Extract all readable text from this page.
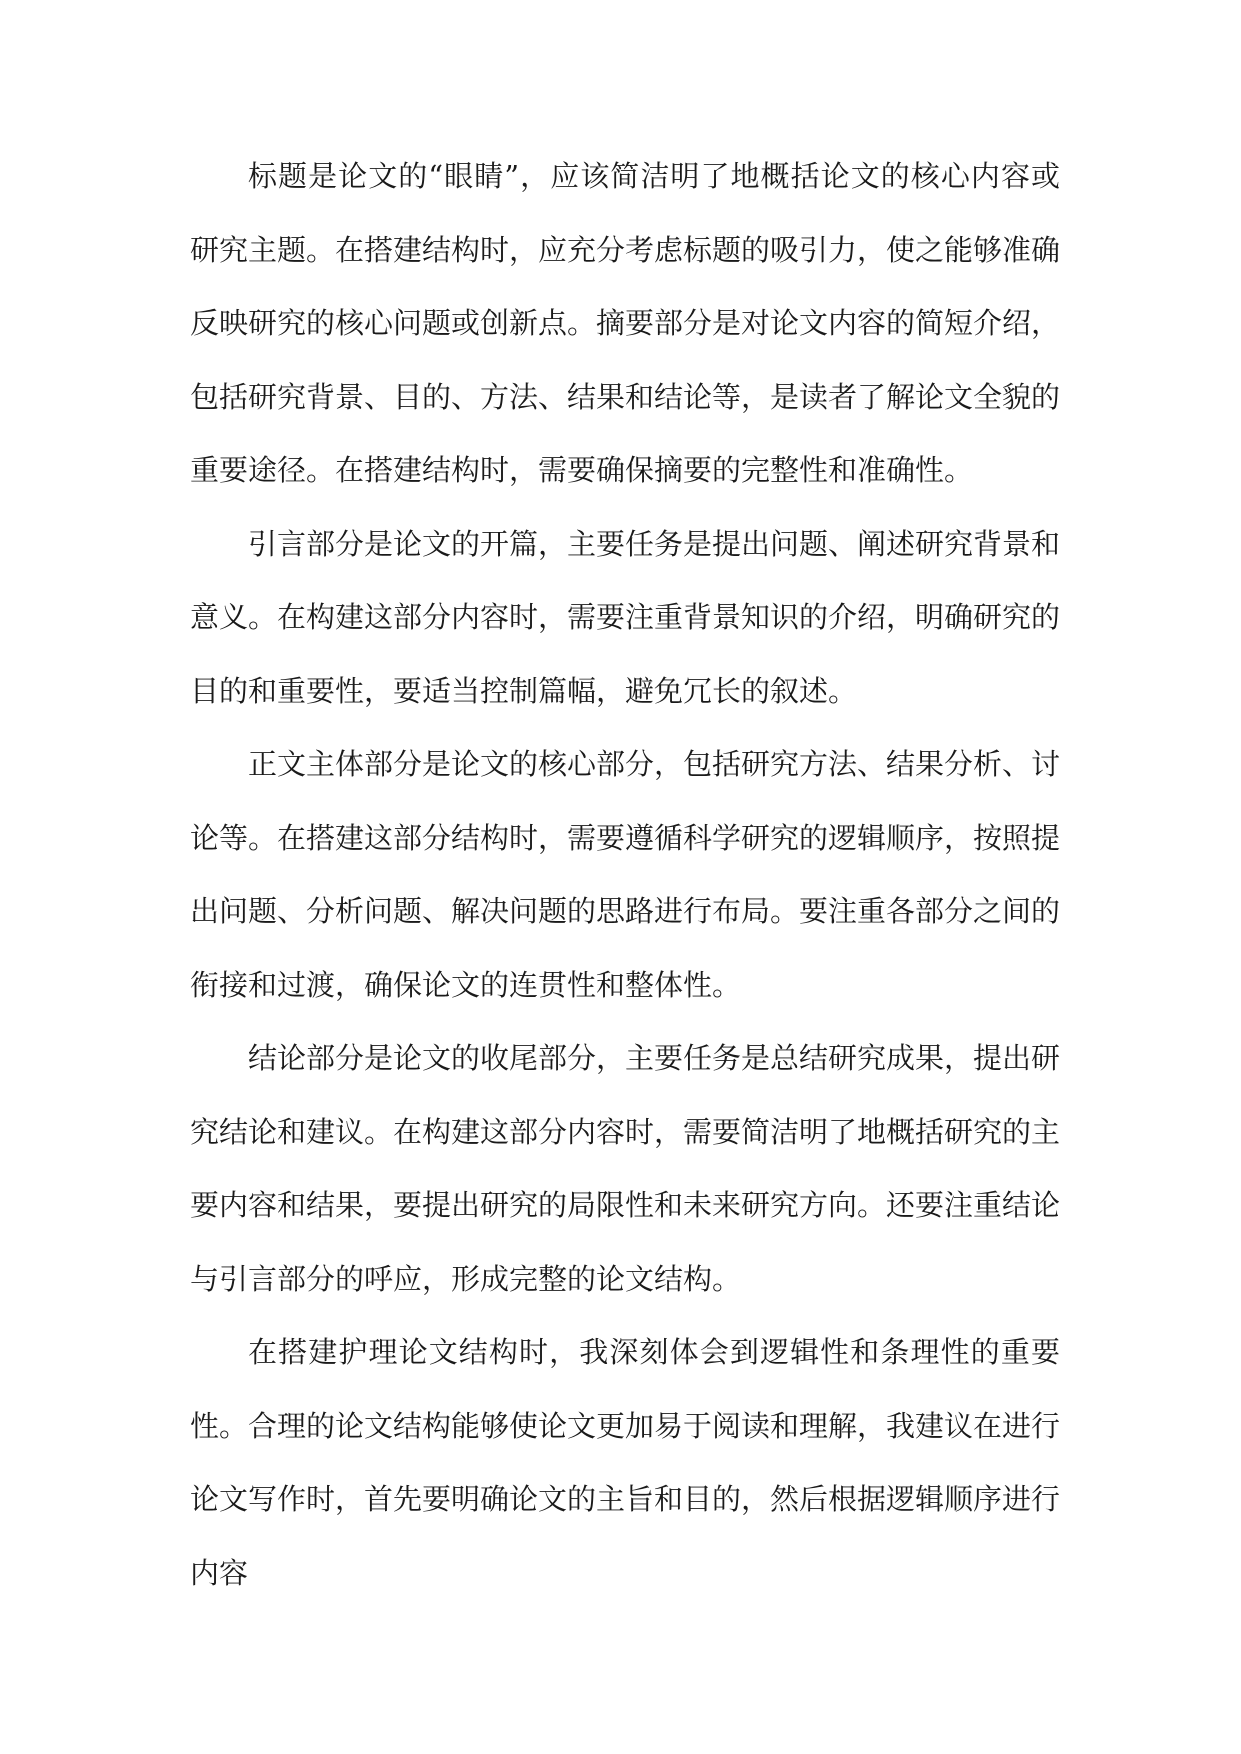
标题是论文的“眼睛”，应该简洁明了地概括论文的核心内容或研究主题。在搭建结构时，应充分考虑标题的吸引力，使之能够准确反映研究的核心问题或创新点。摘要部分是对论文内容的简短介绍，包括研究背景、目的、方法、结果和结论等，是读者了解论文全貌的重要途径。在搭建结构时，需要确保摘要的完整性和准确性。

引言部分是论文的开篇，主要任务是提出问题、阐述研究背景和意义。在构建这部分内容时，需要注重背景知识的介绍，明确研究的目的和重要性，要适当控制篇幅，避免冗长的叙述。

正文主体部分是论文的核心部分，包括研究方法、结果分析、讨论等。在搭建这部分结构时，需要遵循科学研究的逻辑顺序，按照提出问题、分析问题、解决问题的思路进行布局。要注重各部分之间的衔接和过渡，确保论文的连贯性和整体性。

结论部分是论文的收尾部分，主要任务是总结研究成果，提出研究结论和建议。在构建这部分内容时，需要简洁明了地概括研究的主要内容和结果，要提出研究的局限性和未来研究方向。还要注重结论与引言部分的呼应，形成完整的论文结构。

在搭建护理论文结构时，我深刻体会到逻辑性和条理性的重要性。合理的论文结构能够使论文更加易于阅读和理解，我建议在进行论文写作时，首先要明确论文的主旨和目的，然后根据逻辑顺序进行内容
